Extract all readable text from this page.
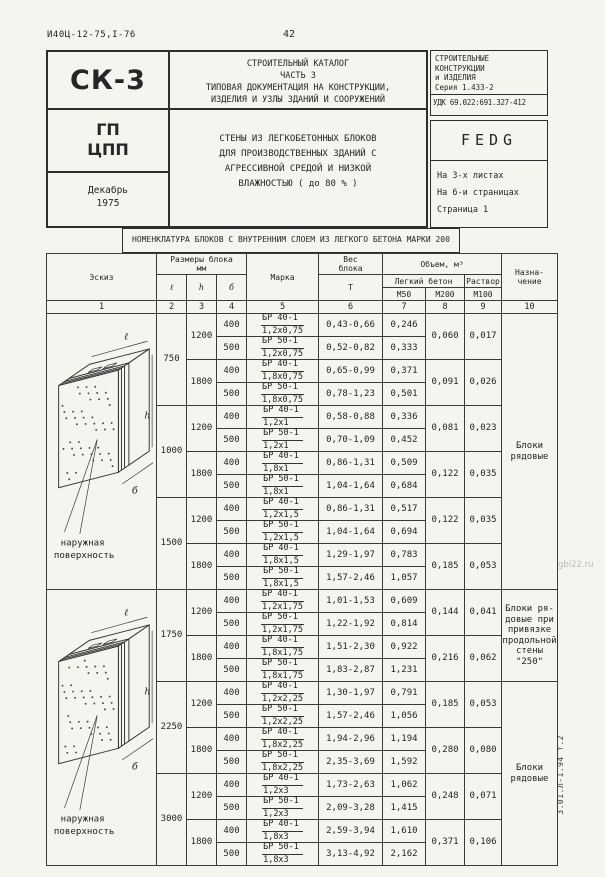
И40Ц-12-75,I-76	42
СК-3
СТРОИТЕЛЬНЫЙ КАТАЛОГ
ЧАСТЬ 3
ТИПОВАЯ ДОКУМЕНТАЦИЯ НА КОНСТРУКЦИИ,
ИЗДЕЛИЯ И УЗЛЫ ЗДАНИЙ И СООРУЖЕНИЙ
ГП
ЦПП
Декабрь
1975
СТЕНЫ ИЗ ЛЕГКОБЕТОННЫХ БЛОКОВ
ДЛЯ ПРОИЗВОДСТВЕННЫХ ЗДАНИЙ С
АГРЕССИВНОЙ СРЕДОЙ И НИЗКОЙ
ВЛАЖНОСТЬЮ ( до 80 % )
СТРОИТЕЛЬНЫЕ
КОНСТРУКЦИИ
и ИЗДЕЛИЯ
Серия 1.433-2
УДК 69.022:691.327-412
FEDG
На 3-х листах
На 6-и страницах
Страница 1
НОМЕНКЛАТУРА БЛОКОВ С ВНУТРЕННИМ СЛОЕМ ИЗ ЛЕГКОГО БЕТОНА МАРКИ 200
Эскиз	Размеры блока
мм			Марка	Вес
блока	Объем, м³			Назна-
чение
	ℓ	h	б		Т	Легкий бетон		Раствор	
						М50	М200	М100	
1	2	3	4	5	6	7	8	9	10

ℓ
h
б
наружная
поверхность	750	1200	400	$\frac{БР 40-1}{1,2х0,75}$	0,43-0,66	0,246	0,060	0,017	Блоки
рядовые
			500	$\frac{БР 50-1}{1,2х0,75}$	0,52-0,82	0,333			
		1800	400	$\frac{БР 40-1}{1,8х0,75}$	0,65-0,99	0,371	0,091	0,026	
			500	$\frac{БР 50-1}{1,8х0,75}$	0,78-1,23	0,501			
	1000	1200	400	$\frac{БР 40-1}{1,2х1}$	0,58-0,88	0,336	0,081	0,023	
			500	$\frac{БР 50-1}{1,2х1}$	0,70-1,09	0,452			
		1800	400	$\frac{БР 40-1}{1,8х1}$	0,86-1,31	0,509	0,122	0,035	
			500	$\frac{БР 50-1}{1,8х1}$	1,04-1,64	0,684			
	1500	1200	400	$\frac{БР 40-1}{1,2х1,5}$	0,86-1,31	0,517	0,122	0,035	
			500	$\frac{БР 50-1}{1,2х1,5}$	1,04-1,64	0,694			
		1800	400	$\frac{БР 40-1}{1,8х1,5}$	1,29-1,97	0,783	0,185	0,053	
			500	$\frac{БР 50-1}{1,8х1,5}$	1,57-2,46	1,057			

ℓ
h
б
наружная
поверхность
	1750	1200	400	$\frac{БР 40-1}{1,2х1,75}$	1,01-1,53	0,609	0,144	0,041	Блоки ря-
довые при
привязке
продольной
стены
"250"
			500	$\frac{БР 50-1}{1,2х1,75}$	1,22-1,92	0,814			
		1800	400	$\frac{БР 40-1}{1,8х1,75}$	1,51-2,30	0,922	0,216	0,062	
			500	$\frac{БР 50-1}{1,8х1,75}$	1,83-2,87	1,231			
	2250	1200	400	$\frac{БР 40-1}{1,2х2,25}$	1,30-1,97	0,791	0,185	0,053	Блоки
рядовые
			500	$\frac{БР 50-1}{1,2х2,25}$	1,57-2,46	1,056			
		1800	400	$\frac{БР 40-1}{1,8х2,25}$	1,94-2,96	1,194	0,280	0,080	
			500	$\frac{БР 50-1}{1,8х2,25}$	2,35-3,69	1,592			
	3000	1200	400	$\frac{БР 40-1}{1,2х3}$	1,73-2,63	1,062	0,248	0,071	
			500	$\frac{БР 50-1}{1,2х3}$	2,09-3,28	1,415			
		1800	400	$\frac{БР 40-1}{1,8х3}$	2,59-3,94	1,610	0,371	0,106	
			500	$\frac{БР 50-1}{1,8х3}$	3,13-4,92	2,162			
3.01.Л-1.94 т.2
gbi22.ru
